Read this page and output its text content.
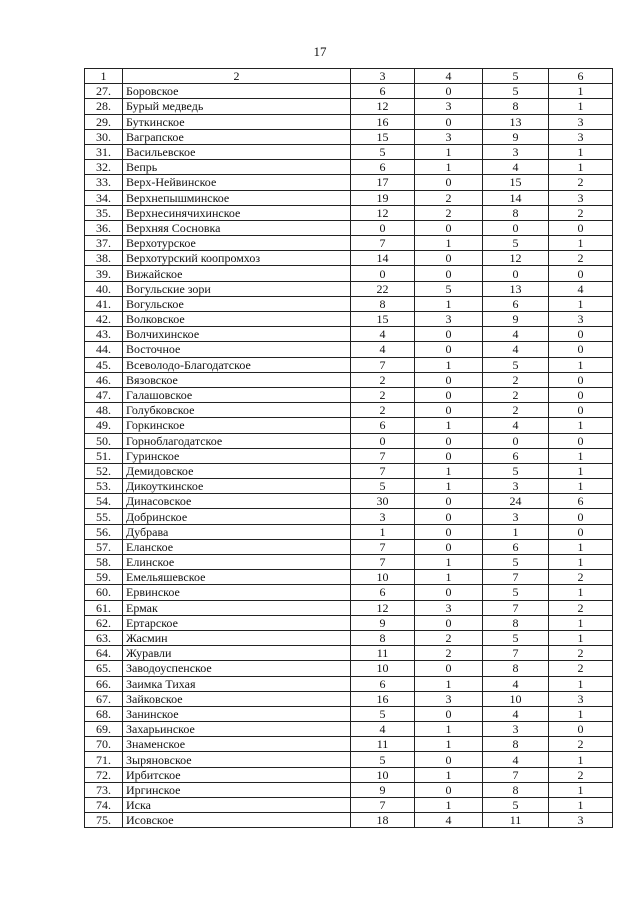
17
1	2	3	4	5	6
27.	Боровское	6	0	5	1
28.	Бурый медведь	12	3	8	1
29.	Буткинское	16	0	13	3
30.	Ваграпское	15	3	9	3
31.	Васильевское	5	1	3	1
32.	Вепрь	6	1	4	1
33.	Верх-Нейвинское	17	0	15	2
34.	Верхнепышминское	19	2	14	3
35.	Верхнесинячихинское	12	2	8	2
36.	Верхняя Сосновка	0	0	0	0
37.	Верхотурское	7	1	5	1
38.	Верхотурский коопромхоз	14	0	12	2
39.	Вижайское	0	0	0	0
40.	Вогульские зори	22	5	13	4
41.	Вогульское	8	1	6	1
42.	Волковское	15	3	9	3
43.	Волчихинское	4	0	4	0
44.	Восточное	4	0	4	0
45.	Всеволодо-Благодатское	7	1	5	1
46.	Вязовское	2	0	2	0
47.	Галашовское	2	0	2	0
48.	Голубковское	2	0	2	0
49.	Горкинское	6	1	4	1
50.	Горноблагодатское	0	0	0	0
51.	Гуринское	7	0	6	1
52.	Демидовское	7	1	5	1
53.	Дикоуткинское	5	1	3	1
54.	Динасовское	30	0	24	6
55.	Добринское	3	0	3	0
56.	Дубрава	1	0	1	0
57.	Еланское	7	0	6	1
58.	Елинское	7	1	5	1
59.	Емельяшевское	10	1	7	2
60.	Ервинское	6	0	5	1
61.	Ермак	12	3	7	2
62.	Ертарское	9	0	8	1
63.	Жасмин	8	2	5	1
64.	Журавли	11	2	7	2
65.	Заводоуспенское	10	0	8	2
66.	Заимка Тихая	6	1	4	1
67.	Зайковское	16	3	10	3
68.	Занинское	5	0	4	1
69.	Захарьинское	4	1	3	0
70.	Знаменское	11	1	8	2
71.	Зыряновское	5	0	4	1
72.	Ирбитское	10	1	7	2
73.	Иргинское	9	0	8	1
74.	Иска	7	1	5	1
75.	Исовское	18	4	11	3
